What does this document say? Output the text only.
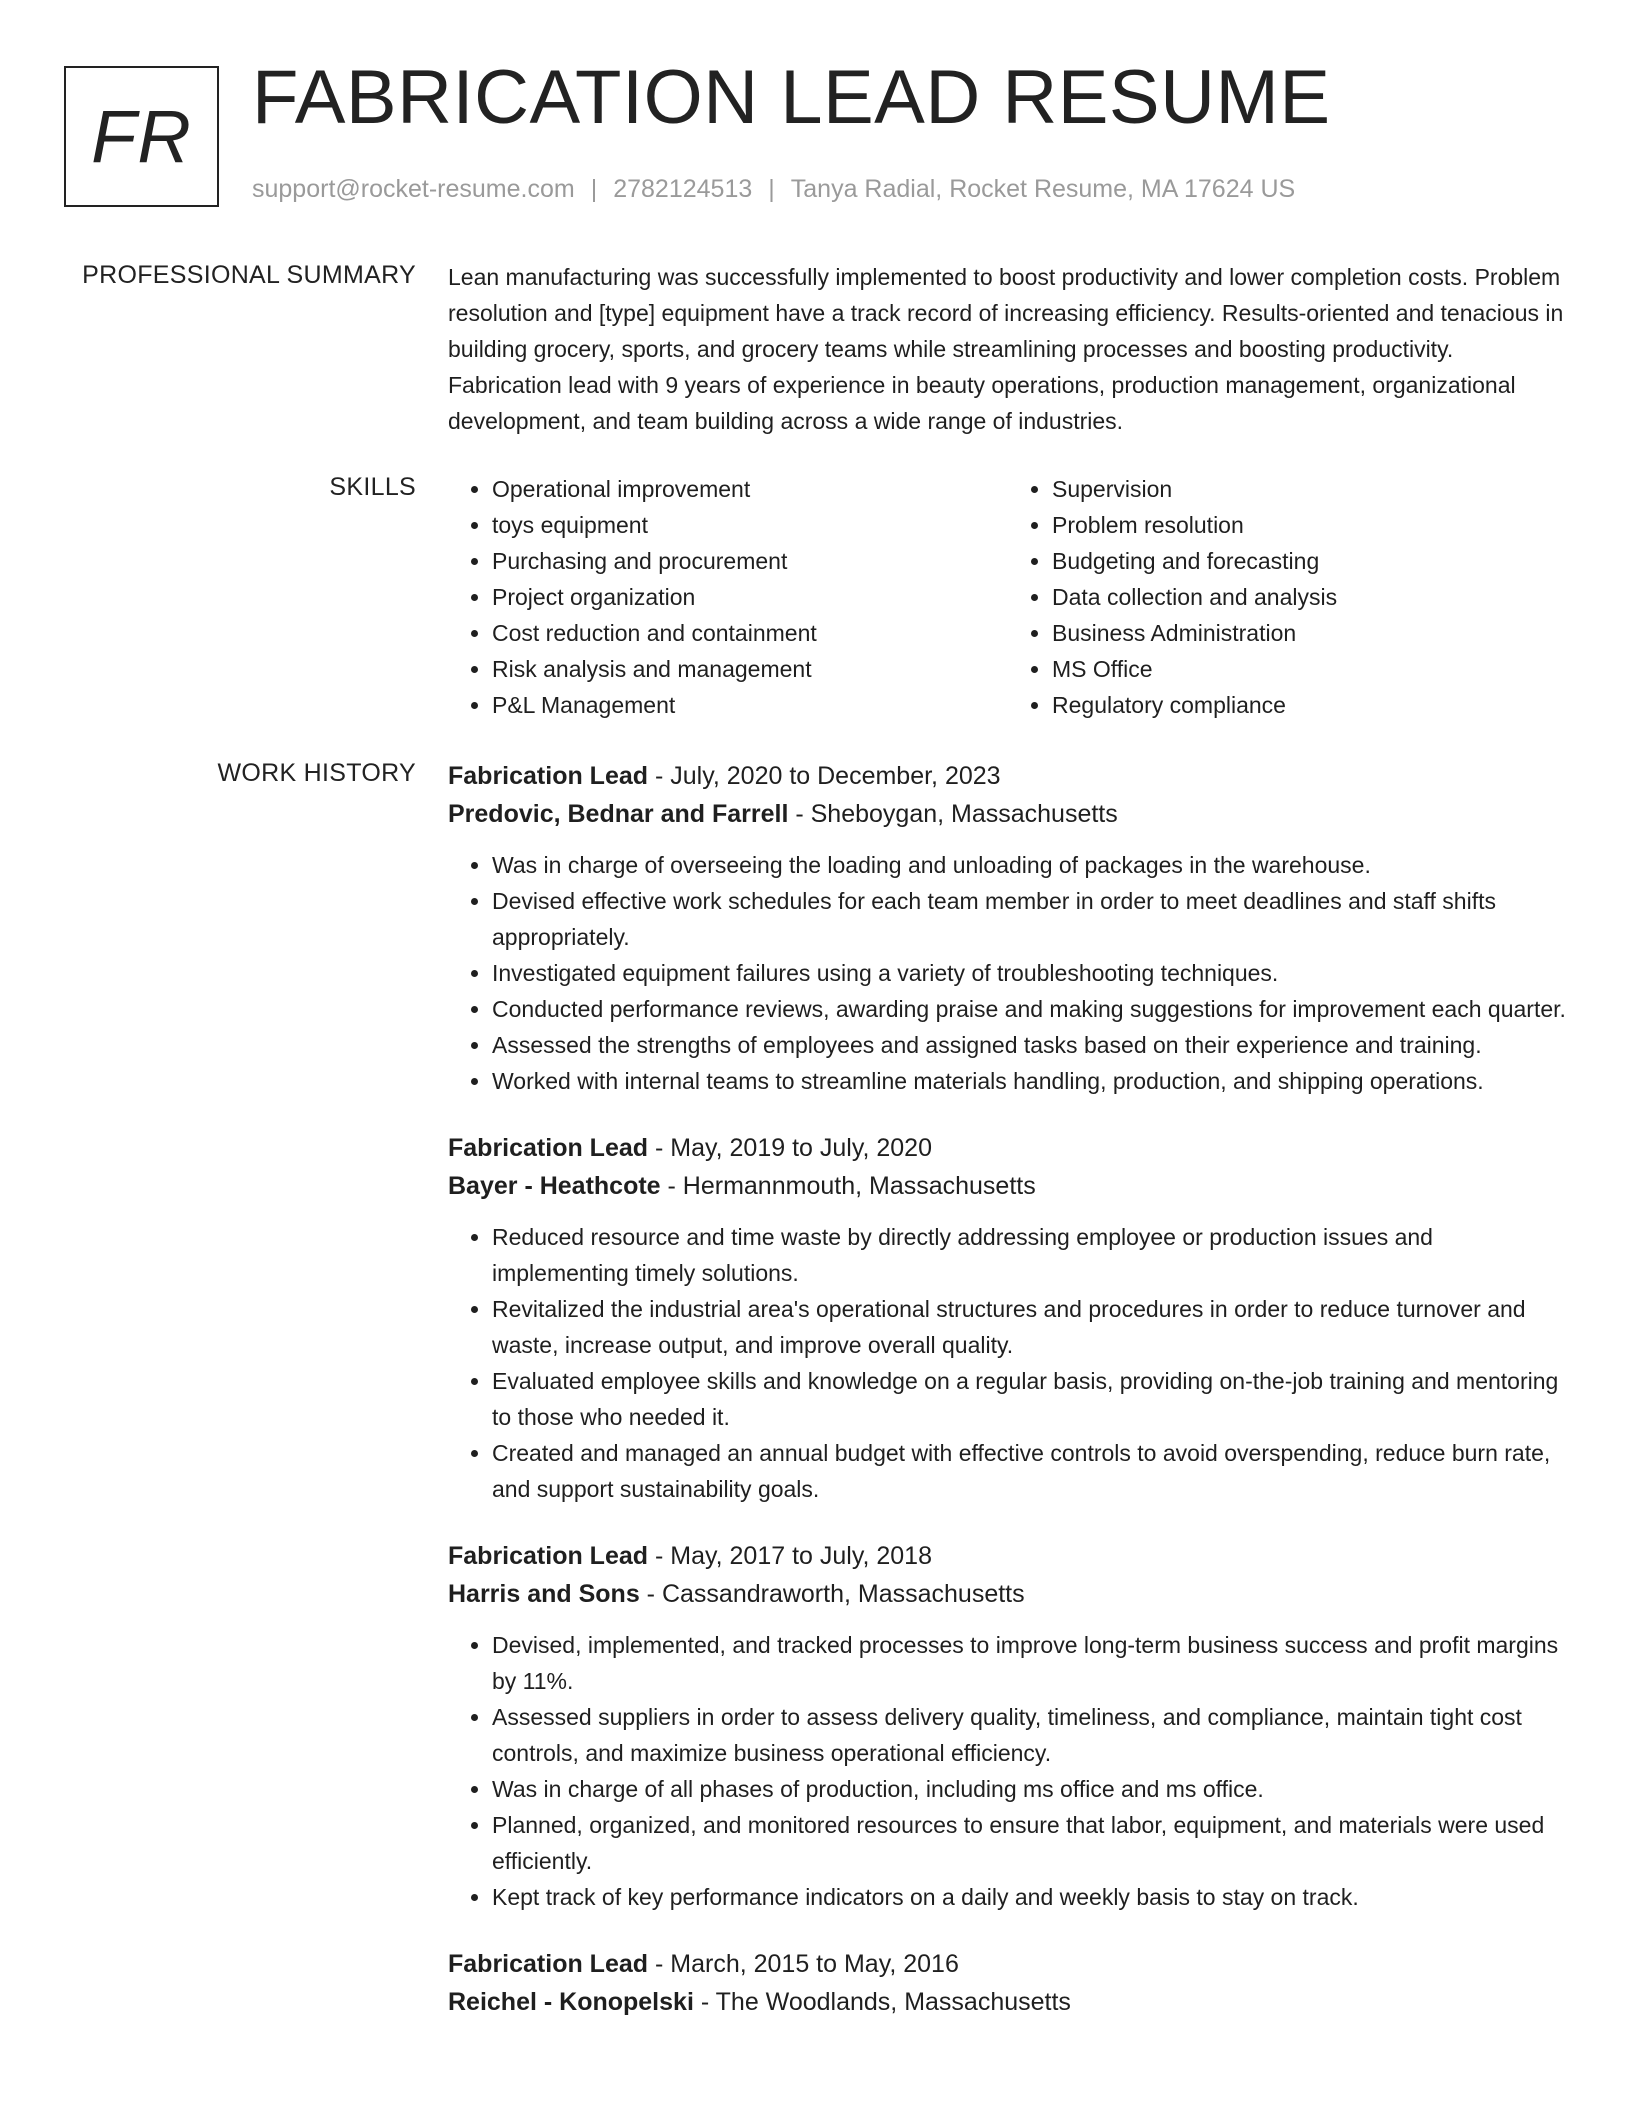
FR FABRICATION LEAD RESUME
support@rocket-resume.com | 2782124513 | Tanya Radial, Rocket Resume, MA 17624 US
PROFESSIONAL SUMMARY Lean manufacturing was successfully implemented to boost productivity and lower completion costs. Problem resolution and [type] equipment have a track record of increasing efficiency. Results-oriented and tenacious in building grocery, sports, and grocery teams while streamlining processes and boosting productivity. Fabrication lead with 9 years of experience in beauty operations, production management, organizational development, and team building across a wide range of industries.

SKILLS
•	Operational improvement
• toys equipment
• Purchasing and procurement
• Project organization
• Cost reduction and containment
• Risk analysis and management
• P&L Management
• Supervision
• Problem resolution
• Budgeting and forecasting
• Data collection and analysis
• Business Administration
• MS Office
• Regulatory compliance
WORK HISTORY Fabrication Lead - July, 2020 to December, 2023
Predovic, Bednar and Farrell - Sheboygan, Massachusetts
• Was in charge of overseeing the loading and unloading of packages in the warehouse.
• Devised effective work schedules for each team member in order to meet deadlines and staff shifts appropriately.
• Investigated equipment failures using a variety of troubleshooting techniques.
• Conducted performance reviews, awarding praise and making suggestions for improvement each quarter.
• Assessed the strengths of employees and assigned tasks based on their experience and training.
• Worked with internal teams to streamline materials handling, production, and shipping operations.
Fabrication Lead - May, 2019 to July, 2020
Bayer - Heathcote - Hermannmouth, Massachusetts
• Reduced resource and time waste by directly addressing employee or production issues and implementing timely solutions.
• Revitalized the industrial area's operational structures and procedures in order to reduce turnover and waste, increase output, and improve overall quality.
• Evaluated employee skills and knowledge on a regular basis, providing on-the-job training and mentoring to those who needed it.
• Created and managed an annual budget with effective controls to avoid overspending, reduce burn rate, and support sustainability goals.
Fabrication Lead - May, 2017 to July, 2018
Harris and Sons - Cassandraworth, Massachusetts
• Devised, implemented, and tracked processes to improve long-term business success and profit margins by 11%.
• Assessed suppliers in order to assess delivery quality, timeliness, and compliance, maintain tight cost controls, and maximize business operational efficiency.
• Was in charge of all phases of production, including ms office and ms office.
• Planned, organized, and monitored resources to ensure that labor, equipment, and materials were used efficiently.
• Kept track of key performance indicators on a daily and weekly basis to stay on track.
Fabrication Lead - March, 2015 to May, 2016
Reichel - Konopelski - The Woodlands, Massachusetts
